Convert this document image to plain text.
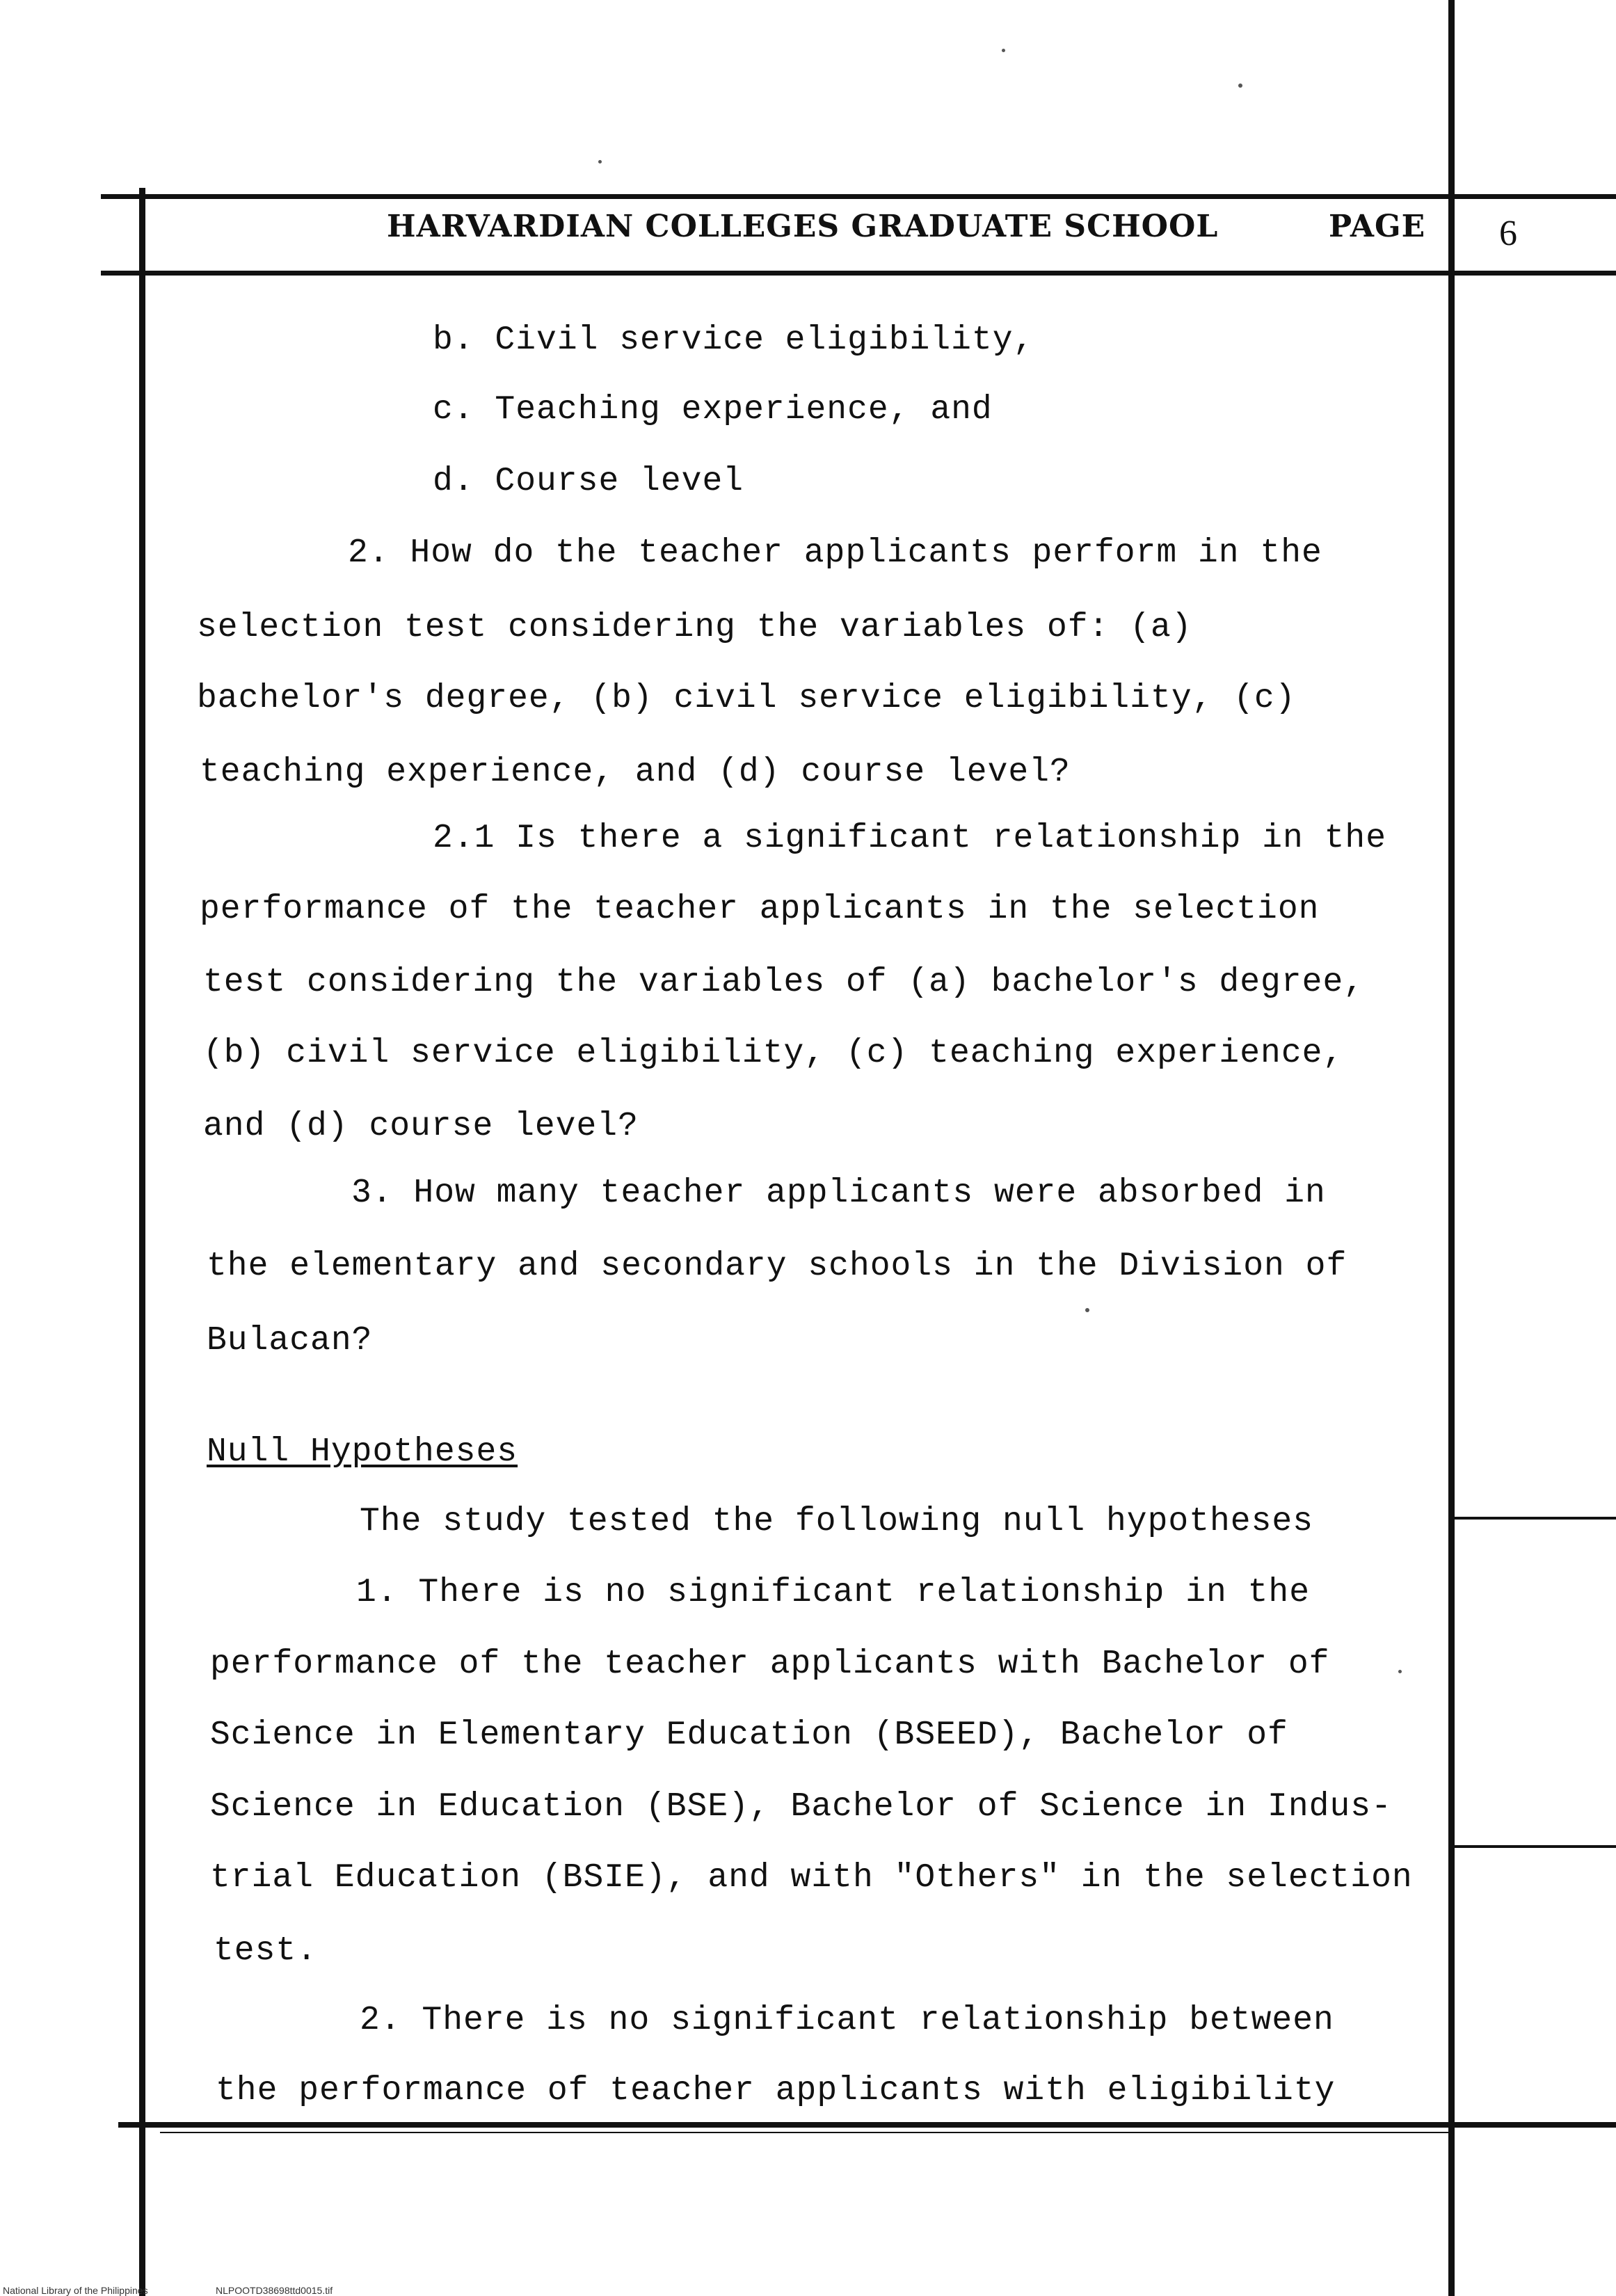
HARVARDIAN COLLEGES GRADUATE SCHOOL	PAGE 6
b. Civil service eligibility,
c. Teaching experience, and
d. Course level
2. How do the teacher applicants perform in the
selection test considering the variables of: (a)
bachelor's degree, (b) civil service eligibility, (c)
teaching experience, and (d) course level?
2.1 Is there a significant relationship in the
performance of the teacher applicants in the selection
test considering the variables of (a) bachelor's degree,
(b) civil service eligibility, (c) teaching experience,
and (d) course level?
3. How many teacher applicants were absorbed in
the elementary and secondary schools in the Division of
Bulacan?
Null Hypotheses
The study tested the following null hypotheses
1. There is no significant relationship in the
performance of the teacher applicants with Bachelor of
Science in Elementary Education (BSEED), Bachelor of
Science in Education (BSE), Bachelor of Science in Indus-
trial Education (BSIE), and with "Others" in the selection
test.
2. There is no significant relationship between
the performance of teacher applicants with eligibility
National Library of the Philippines	NLPOOTD38698ttd0015.tif
